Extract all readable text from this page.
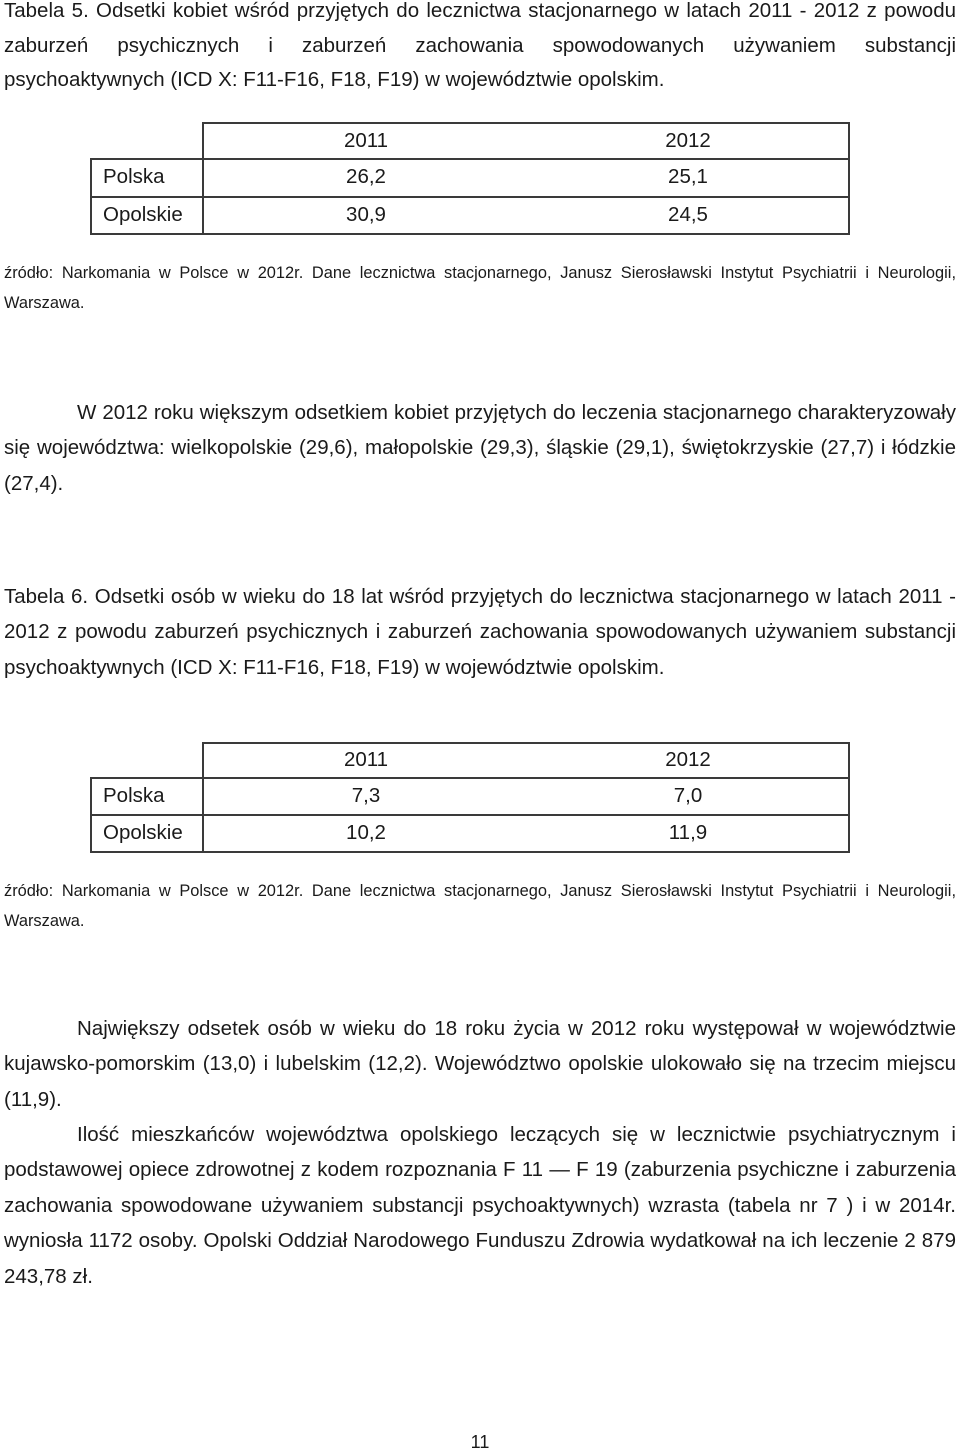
Tabela 5. Odsetki kobiet wśród przyjętych do lecznictwa stacjonarnego w latach 2011 - 2012 z powodu zaburzeń psychicznych i zaburzeń zachowania spowodowanych używaniem substancji psychoaktywnych (ICD X: F11-F16, F18, F19) w województwie opolskim.
2011	2012
Polska	26,2	25,1
Opolskie	30,9	24,5
źródło: Narkomania w Polsce w 2012r. Dane lecznictwa stacjonarnego, Janusz Sierosławski Instytut Psychiatrii i Neurologii, Warszawa.
W 2012 roku większym odsetkiem kobiet przyjętych do leczenia stacjonarnego charakteryzowały się województwa: wielkopolskie (29,6), małopolskie (29,3), śląskie (29,1), świętokrzyskie (27,7) i łódzkie (27,4).
Tabela 6. Odsetki osób w wieku do 18 lat wśród przyjętych do lecznictwa stacjonarnego w latach 2011 - 2012 z powodu zaburzeń psychicznych i zaburzeń zachowania spowodowanych używaniem substancji psychoaktywnych (ICD X: F11-F16, F18, F19) w województwie opolskim.
2011	2012
Polska	7,3	7,0
Opolskie	10,2	11,9
źródło: Narkomania w Polsce w 2012r. Dane lecznictwa stacjonarnego, Janusz Sierosławski Instytut Psychiatrii i Neurologii, Warszawa.
Największy odsetek osób w wieku do 18 roku życia w 2012 roku występował w województwie kujawsko-pomorskim (13,0) i lubelskim (12,2). Województwo opolskie ulokowało się na trzecim miejscu (11,9).
Ilość mieszkańców województwa opolskiego leczących się w lecznictwie psychiatrycznym i podstawowej opiece zdrowotnej z kodem rozpoznania F 11 — F 19 (zaburzenia psychiczne i zaburzenia zachowania spowodowane używaniem substancji psychoaktywnych) wzrasta (tabela nr 7 ) i w 2014r. wyniosła 1172 osoby. Opolski Oddział Narodowego Funduszu Zdrowia wydatkował na ich leczenie 2 879 243,78 zł.
11
